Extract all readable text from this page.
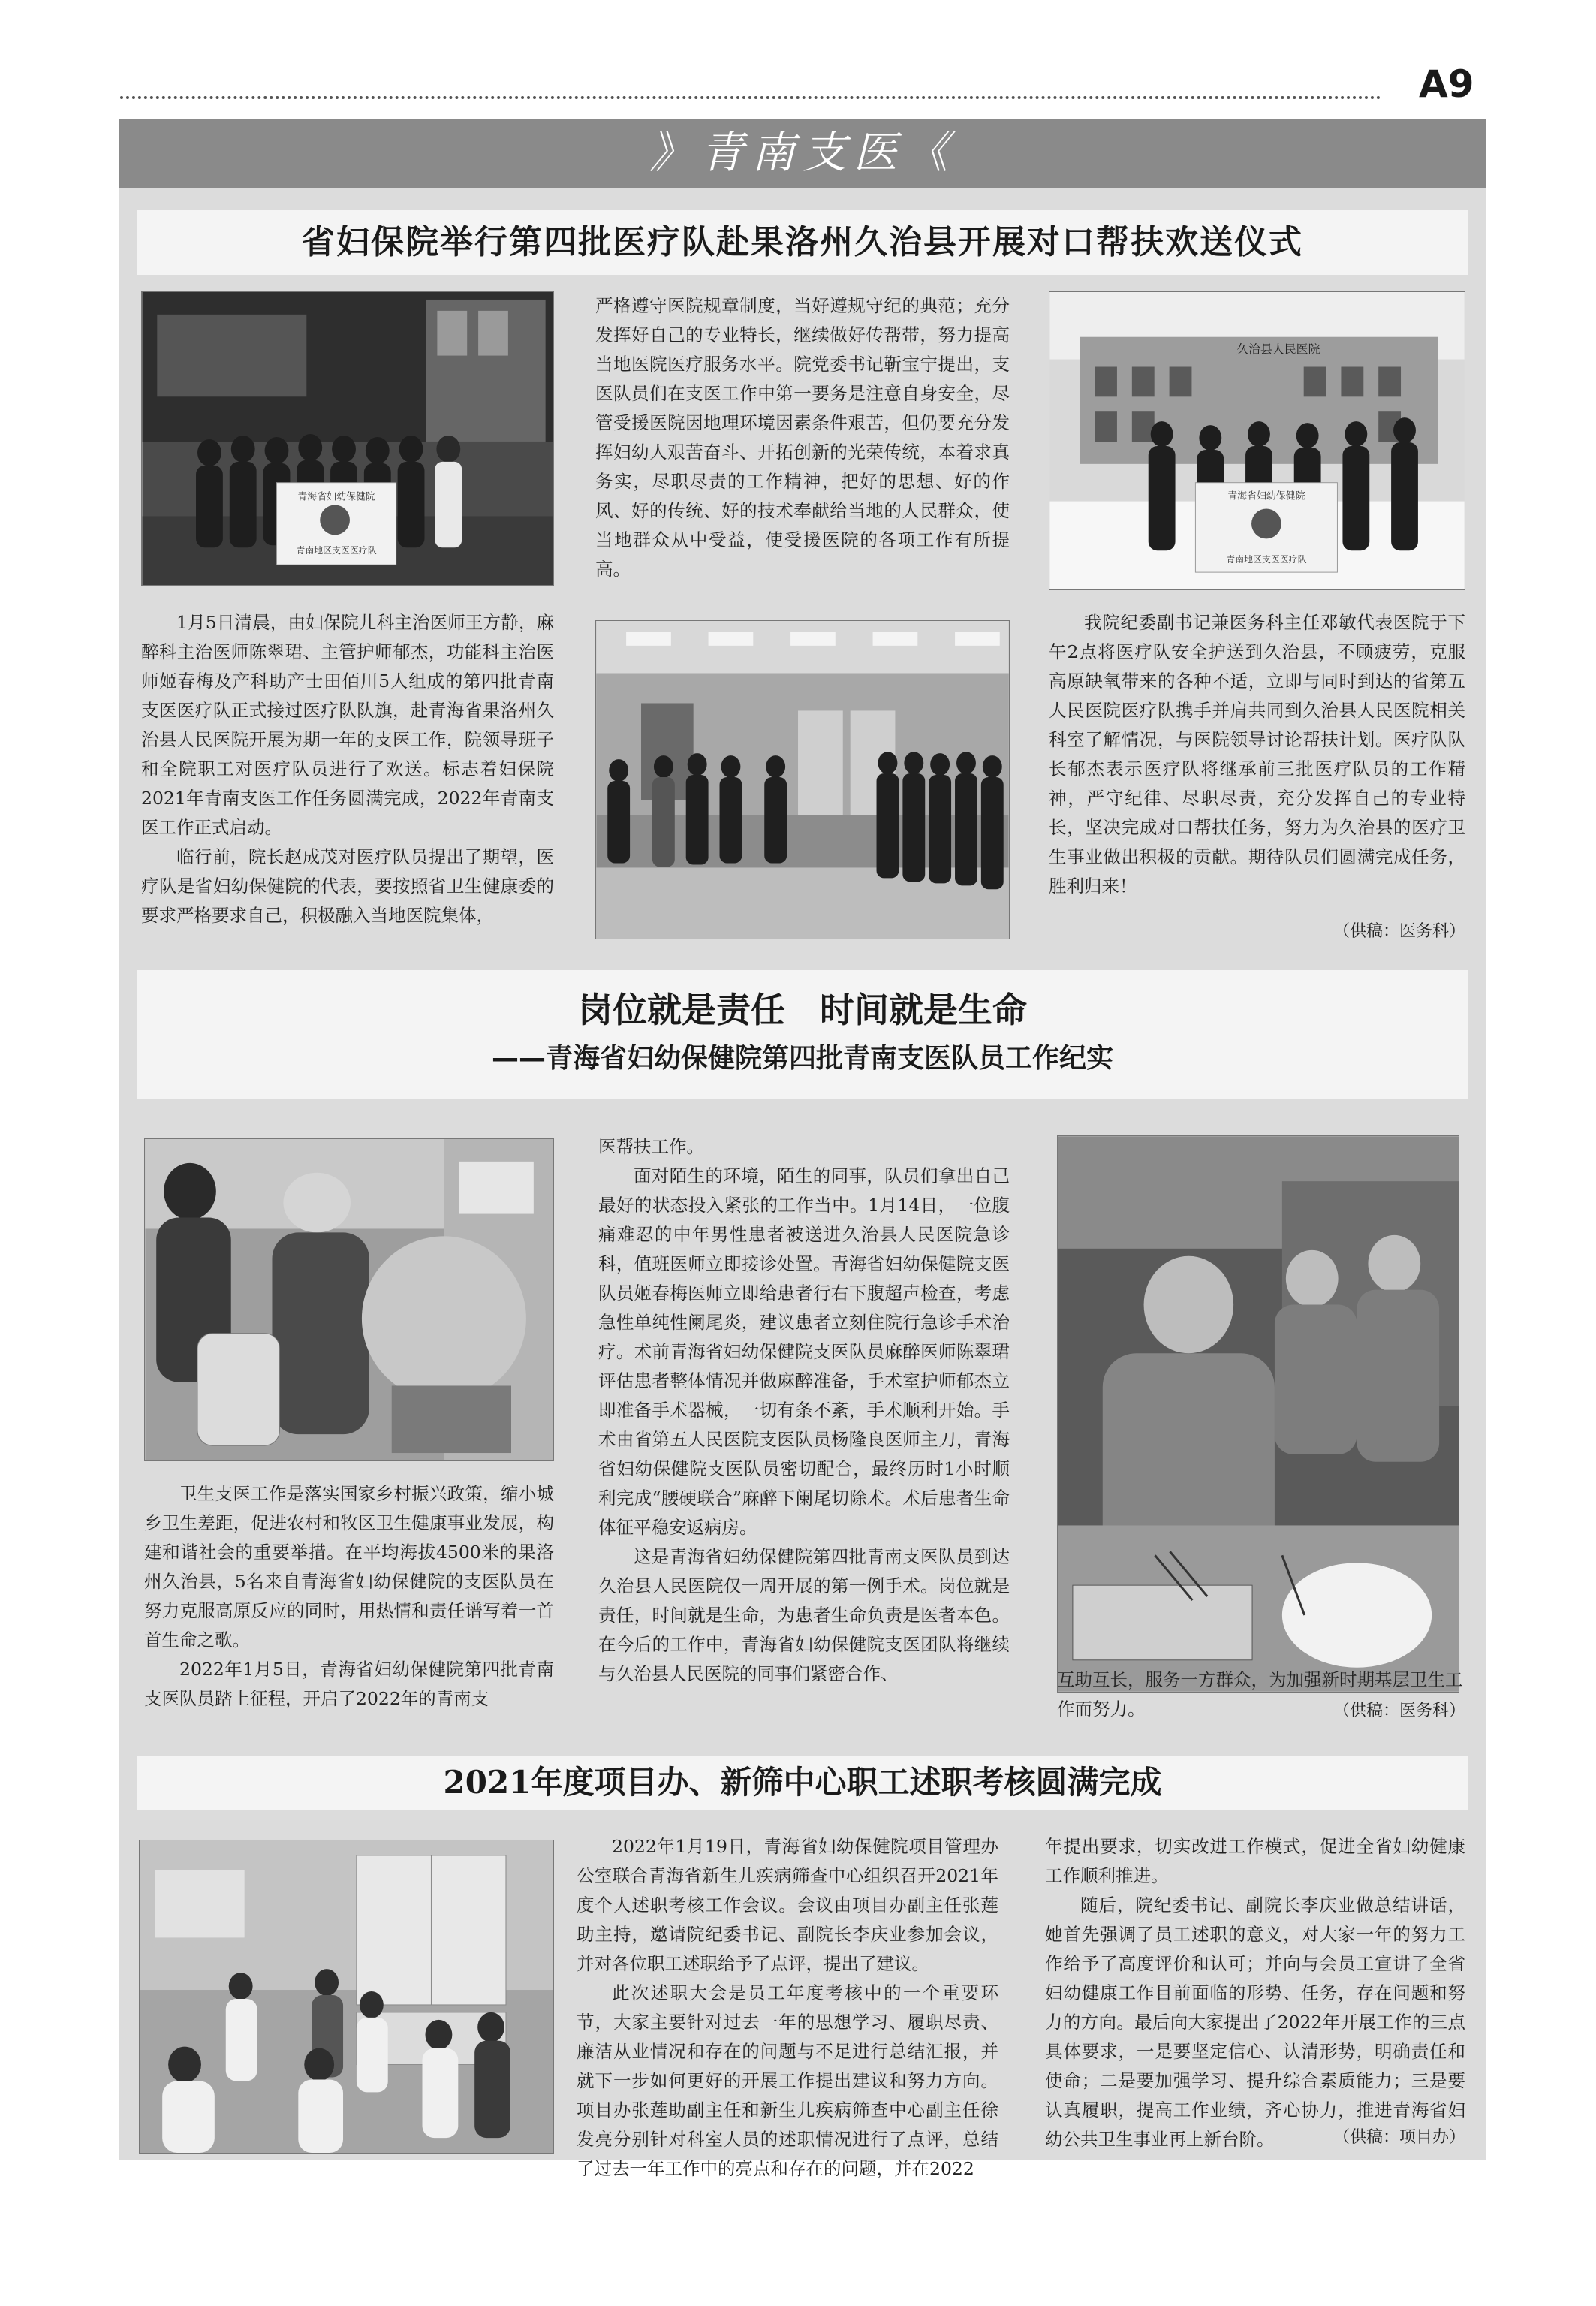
A9
》青南支医《
省妇保院举行第四批医疗队赴果洛州久治县开展对口帮扶欢送仪式
青海省妇幼保健院
青南地区支医医疗队
久治县人民医院
青海省妇幼保健院
青南地区支医医疗队

1月5日清晨，由妇保院儿科主治医师王方静，麻醉科主治医师陈翠珺、主管护师郁杰，功能科主治医师姬春梅及产科助产士田佰川5人组成的第四批青南支医医疗队正式接过医疗队队旗，赴青海省果洛州久治县人民医院开展为期一年的支医工作，院领导班子和全院职工对医疗队员进行了欢送。标志着妇保院2021年青南支医工作任务圆满完成，2022年青南支医工作正式启动。

临行前，院长赵成茂对医疗队员提出了期望，医疗队是省妇幼保健院的代表，要按照省卫生健康委的要求严格要求自己，积极融入当地医院集体，

严格遵守医院规章制度，当好遵规守纪的典范；充分发挥好自己的专业特长，继续做好传帮带，努力提高当地医院医疗服务水平。院党委书记靳宝宁提出，支医队员们在支医工作中第一要务是注意自身安全，尽管受援医院因地理环境因素条件艰苦，但仍要充分发挥妇幼人艰苦奋斗、开拓创新的光荣传统，本着求真务实，尽职尽责的工作精神，把好的思想、好的作风、好的传统、好的技术奉献给当地的人民群众，使当地群众从中受益，使受援医院的各项工作有所提高。

我院纪委副书记兼医务科主任邓敏代表医院于下午2点将医疗队安全护送到久治县，不顾疲劳，克服高原缺氧带来的各种不适，立即与同时到达的省第五人民医院医疗队携手并肩共同到久治县人民医院相关科室了解情况，与医院领导讨论帮扶计划。医疗队队长郁杰表示医疗队将继承前三批医疗队员的工作精神，严守纪律、尽职尽责，充分发挥自己的专业特长，坚决完成对口帮扶任务，努力为久治县的医疗卫生事业做出积极的贡献。期待队员们圆满完成任务，胜利归来！

（供稿：医务科）
岗位就是责任　时间就是生命
——青海省妇幼保健院第四批青南支医队员工作纪实

卫生支医工作是落实国家乡村振兴政策，缩小城乡卫生差距，促进农村和牧区卫生健康事业发展，构建和谐社会的重要举措。在平均海拔4500米的果洛州久治县，5名来自青海省妇幼保健院的支医队员在努力克服高原反应的同时，用热情和责任谱写着一首首生命之歌。

2022年1月5日，青海省妇幼保健院第四批青南支医队员踏上征程，开启了2022年的青南支

医帮扶工作。

面对陌生的环境，陌生的同事，队员们拿出自己最好的状态投入紧张的工作当中。1月14日，一位腹痛难忍的中年男性患者被送进久治县人民医院急诊科，值班医师立即接诊处置。青海省妇幼保健院支医队员姬春梅医师立即给患者行右下腹超声检查，考虑急性单纯性阑尾炎，建议患者立刻住院行急诊手术治疗。术前青海省妇幼保健院支医队员麻醉医师陈翠珺评估患者整体情况并做麻醉准备，手术室护师郁杰立即准备手术器械，一切有条不紊，手术顺利开始。手术由省第五人民医院支医队员杨隆良医师主刀，青海省妇幼保健院支医队员密切配合，最终历时1小时顺利完成“腰硬联合”麻醉下阑尾切除术。术后患者生命体征平稳安返病房。

这是青海省妇幼保健院第四批青南支医队员到达久治县人民医院仅一周开展的第一例手术。岗位就是责任，时间就是生命，为患者生命负责是医者本色。在今后的工作中，青海省妇幼保健院支医团队将继续与久治县人民医院的同事们紧密合作、	互助互长，服务一方群众，为加强新时期基层卫生工作而努力。	（供稿：医务科）
2021年度项目办、新筛中心职工述职考核圆满完成

2022年1月19日，青海省妇幼保健院项目管理办公室联合青海省新生儿疾病筛查中心组织召开2021年度个人述职考核工作会议。会议由项目办副主任张莲助主持，邀请院纪委书记、副院长李庆业参加会议，并对各位职工述职给予了点评，提出了建议。

此次述职大会是员工年度考核中的一个重要环节，大家主要针对过去一年的思想学习、履职尽责、廉洁从业情况和存在的问题与不足进行总结汇报，并就下一步如何更好的开展工作提出建议和努力方向。项目办张莲助副主任和新生儿疾病筛查中心副主任徐发亮分别针对科室人员的述职情况进行了点评，总结了过去一年工作中的亮点和存在的问题，并在2022

年提出要求，切实改进工作模式，促进全省妇幼健康工作顺利推进。

随后，院纪委书记、副院长李庆业做总结讲话，她首先强调了员工述职的意义，对大家一年的努力工作给予了高度评价和认可；并向与会员工宣讲了全省妇幼健康工作目前面临的形势、任务，存在问题和努力的方向。最后向大家提出了2022年开展工作的三点具体要求，一是要坚定信心、认清形势，明确责任和使命；二是要加强学习、提升综合素质能力；三是要认真履职，提高工作业绩，齐心协力，推进青海省妇幼公共卫生事业再上新台阶。	（供稿：项目办）
